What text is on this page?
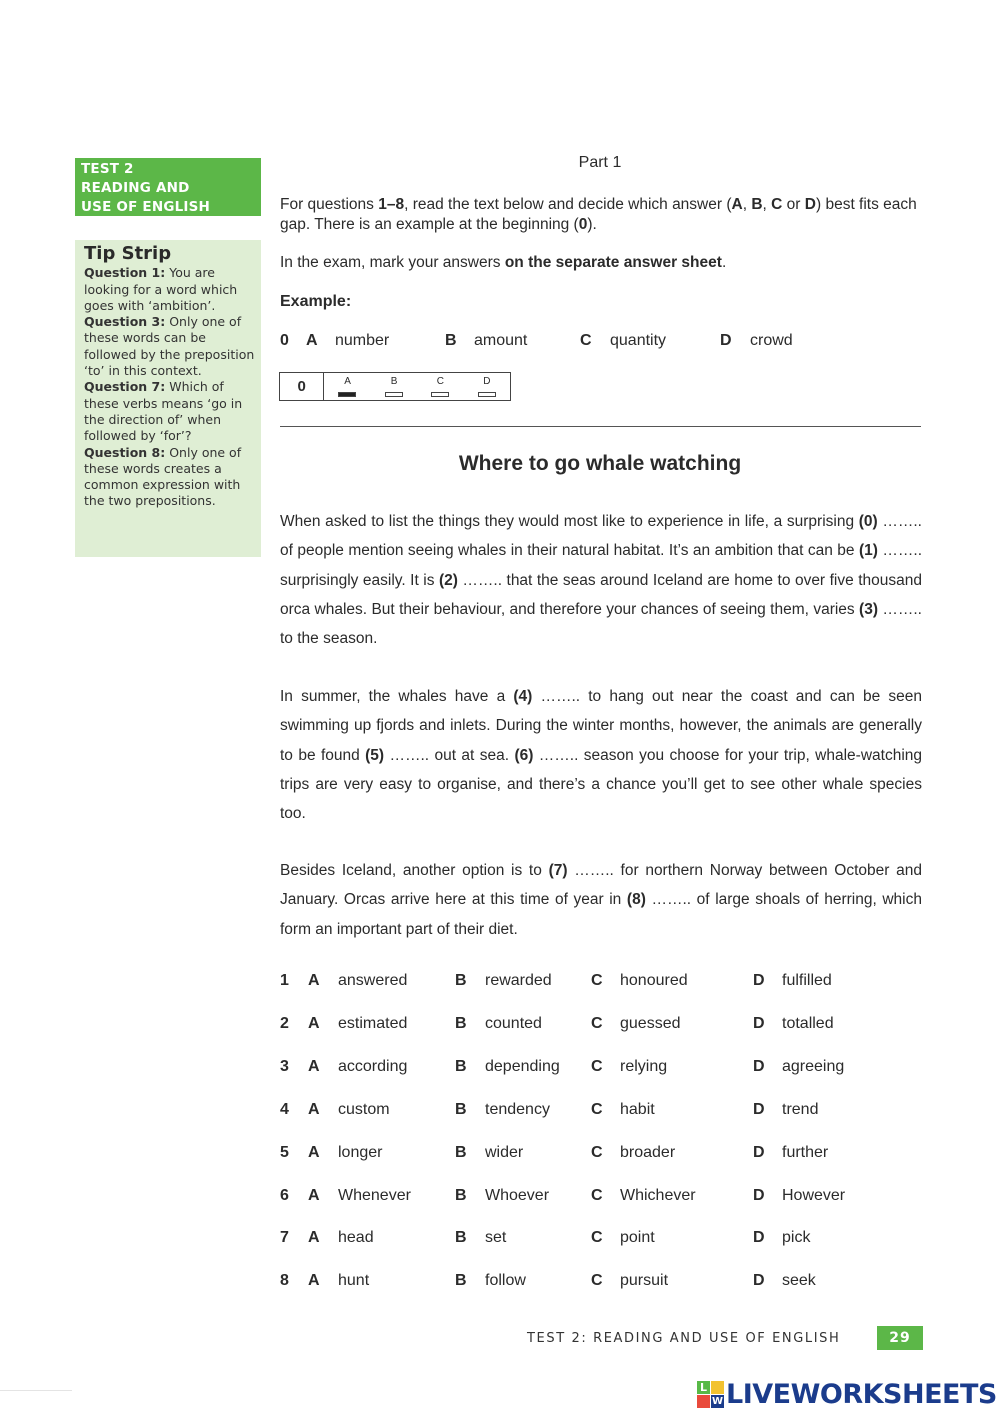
TEST 2
READING AND
USE OF ENGLISH
Tip Strip
Question 1: You are looking for a word which goes with ‘ambition’.
Question 3: Only one of these words can be followed by the preposition ‘to’ in this context.
Question 7: Which of these verbs means ‘go in the direction of’ when followed by ‘for’?
Question 8: Only one of these words creates a common expression with the two prepositions.
Part 1
For questions 1–8, read the text below and decide which answer (A, B, C or D) best fits each gap. There is an example at the beginning (0).
In the exam, mark your answers on the separate answer sheet.
Example:
0 A number	B amount	C quantity	D crowd
0	A	B	C	D
Where to go whale watching
When asked to list the things they would most like to experience in life, a surprising (0) …….. of people mention seeing whales in their natural habitat. It’s an ambition that can be (1) …….. surprisingly easily. It is (2) …….. that the seas around Iceland are home to over five thousand orca whales. But their behaviour, and therefore your chances of seeing them, varies (3) …….. to the season.
In summer, the whales have a (4) …….. to hang out near the coast and can be seen swimming up fjords and inlets. During the winter months, however, the animals are generally to be found (5) …….. out at sea. (6) …….. season you choose for your trip, whale-watching trips are very easy to organise, and there’s a chance you’ll get to see other whale species too.
Besides Iceland, another option is to (7) …….. for northern Norway between October and January. Orcas arrive here at this time of year in (8) …….. of large shoals of herring, which form an important part of their diet.
1 A answered	B rewarded C honoured	D fulfilled
2 A estimated	B counted	C guessed	D totalled
3 A according	B depending C relying	D agreeing
4 A custom	B tendency	C habit	D trend
5 A longer	B wider	C broader	D further
6 A Whenever	B Whoever	C Whichever	D However
7 A head	B set	C point	D pick
8 A hunt	B follow	C pursuit	D seek
TEST 2: READING AND USE OF ENGLISH	29
L
W LIVEWORKSHEETS
